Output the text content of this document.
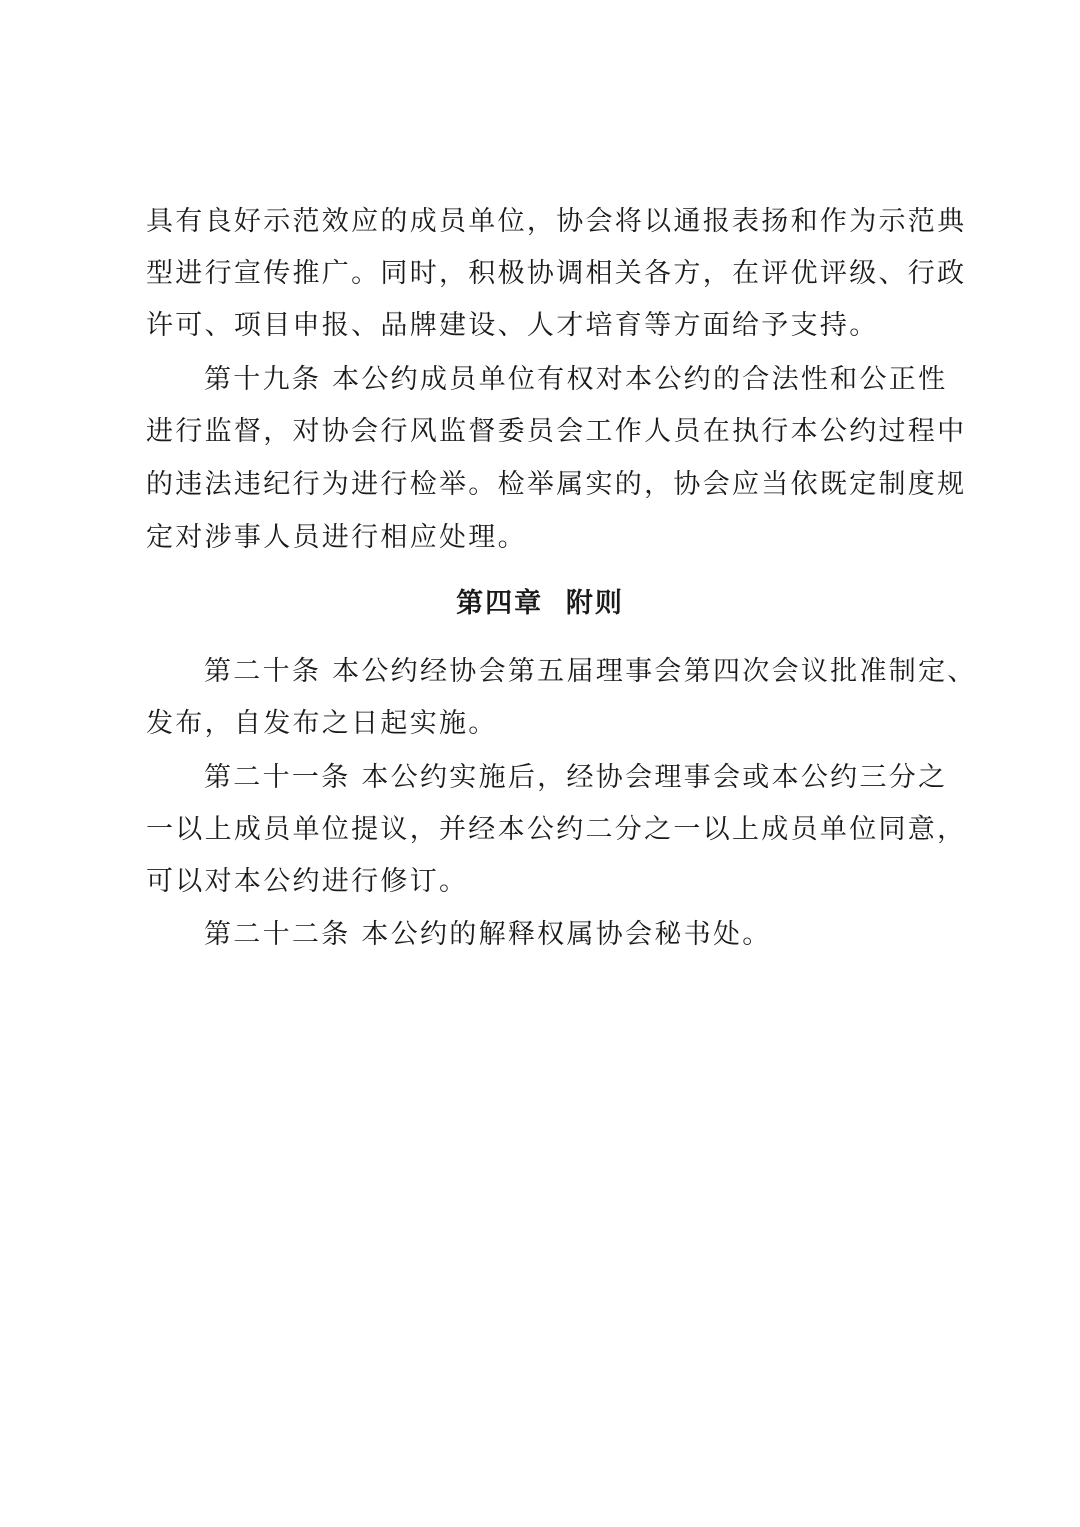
具有良好示范效应的成员单位，协会将以通报表扬和作为示范典
型进行宣传推广。同时，积极协调相关各方，在评优评级、行政
许可、项目申报、品牌建设、人才培育等方面给予支持。
第十九条 本公约成员单位有权对本公约的合法性和公正性
进行监督，对协会行风监督委员会工作人员在执行本公约过程中
的违法违纪行为进行检举。检举属实的，协会应当依既定制度规
定对涉事人员进行相应处理。
第四章  附则
第二十条 本公约经协会第五届理事会第四次会议批准制定、
发布，自发布之日起实施。
第二十一条 本公约实施后，经协会理事会或本公约三分之
一以上成员单位提议，并经本公约二分之一以上成员单位同意，
可以对本公约进行修订。
第二十二条 本公约的解释权属协会秘书处。
